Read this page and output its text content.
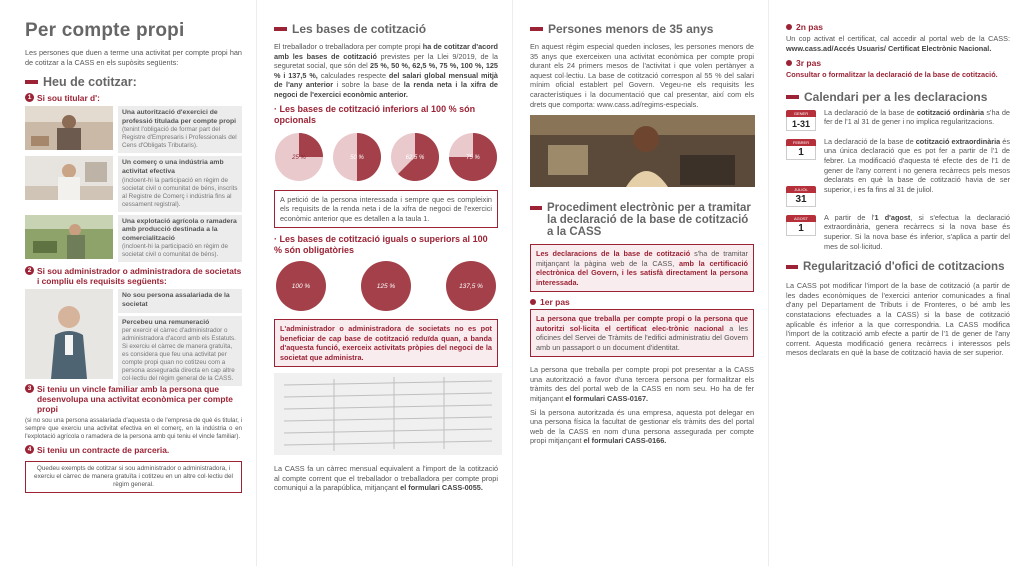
Per compte propi
Les persones que duen a terme una activitat per compte propi han de cotitzar a la CASS en els supòsits següents:
Heu de cotitzar:
1 Si sou titular d':
Una autorització d'exercici de professió titulada per compte propi
(tenint l'obligació de formar part del Registre d'Empresaris i Professionals del Cens d'Obligats Tributaris).
Un comerç o una indústria amb activitat efectiva
(incloent-hi la participació en règim de societat civil o comunitat de béns, inscrits al Registre de Comerç i indústria fins al cessament registral).
Una explotació agrícola o ramadera amb producció destinada a la comercialització
(incloent-hi la participació en règim de societat civil o comunitat de béns).
2 Si sou administrador o administradora de societats i compliu els requisits següents:
No sou persona assalariada de la societat
Percebeu una remuneració
per exercir el càrrec d'administrador o administradora d'acord amb els Estatuts. Si exerciu el càrrec de manera gratuïta, es considera que feu una activitat per compte propi quan no cotitzeu com a persona assegurada directa en cap altre col·lectiu del règim general de la CASS.
3 Si teniu un vincle familiar amb la persona que desenvolupa una activitat econòmica per compte propi
(si no sou una persona assalariada d'aquesta o de l'empresa de què és titular, i sempre que exerciu una activitat efectiva en el comerç, en la indústria o en l'explotació agrícola o ramadera de la persona amb qui teniu el vincle familiar).
4 Si teniu un contracte de parceria.
Quedeu exempts de cotitzar si sou administrador o administradora, i exerciu el càrrec de manera gratuïta i cotitzeu en un altre col·lectiu del règim general.
Les bases de cotització
El treballador o treballadora per compte propi ha de cotitzar d'acord amb les bases de cotització previstes per la Llei 9/2019, de la seguretat social, que són del 25 %, 50 %, 62,5 %, 75 %, 100 %, 125 % i 137,5 %, calculades respecte del salari global mensual mitjà de l'any anterior i sobre la base de la renda neta i la xifra de negoci de l'exercici econòmic anterior.
· Les bases de cotització inferiors al 100 % són opcionals
25 %	50 %	62,5 %	75 %
A petició de la persona interessada i sempre que es compleixin els requisits de la renda neta i de la xifra de negoci de l'exercici econòmic anterior que es detallen a la taula 1.
· Les bases de cotització iguals o superiors al 100 % són obligatòries
100 %	125 %	137,5 %
L'administrador o administradora de societats no es pot beneficiar de cap base de cotització reduïda quan, a banda d'aquesta funció, exerceix activitats pròpies del negoci de la societat que administra.
La CASS fa un càrrec mensual equivalent a l'import de la cotització al compte corrent que el treballador o treballadora per compte propi comuniqui a la parapública, mitjançant el formulari CASS-0055.
Persones menors de 35 anys
En aquest règim especial queden incloses, les persones menors de 35 anys que exerceixen una activitat econòmica per compte propi durant els 24 primers mesos de l'activitat i que volen pertànyer a aquest col·lectiu. La base de cotització correspon al 55 % del salari mínim oficial establert pel Govern. Vegeu-ne els requisits les característiques i la documentació que cal presentar, així com els drets que comporta: www.cass.ad/regims-especials.
Procediment electrònic per a tramitar la declaració de la base de cotització a la CASS
Les declaracions de la base de cotització s'ha de tramitar mitjançant la pàgina web de la CASS, amb la certificació electrònica del Govern, i les satisfà directament la persona interessada.
1er pas
La persona que treballa per compte propi o la persona que autoritzi sol·licita el certificat elec-trònic nacional a les oficines del Servei de Tràmits de l'edifici administratiu del Govern amb un passaport o un document d'identitat.
La persona que treballa per compte propi pot presentar a la CASS una autorització a favor d'una tercera persona per formalitzar els tràmits des del portal web de la CASS en nom seu. Ho ha de fer mitjançant el formulari CASS-0167.
Si la persona autoritzada és una empresa, aquesta pot delegar en una persona física la facultat de gestionar els tràmits des del portal web de la CASS en nom d'una persona assegurada per compte propi mitjançant el formulari CASS-0166.
2n pas
Un cop activat el certificat, cal accedir al portal web de la CASS: www.cass.ad/Accés Usuaris/ Certificat Electrònic Nacional.
3r pas
Consultar o formalitzar la declaració de la base de cotització.
Calendari per a les declaracions
GENER
1-31
La declaració de la base de cotització ordinària s'ha de fer de l'1 al 31 de gener i no implica regularitzacions.
FEBRER
1
JULIOL
31
La declaració de la base de cotització extraordinària és una única declaració que es pot fer a partir de l'1 de febrer. La modificació d'aquesta té efecte des de l'1 de gener de l'any corrent i no genera recàrrecs pels mesos declarats en què la base de cotització havia de ser superior, i es fa fins al 31 de juliol.
AGOST
1
A partir de l'1 d'agost, si s'efectua la declaració extraordinària, genera recàrrecs si la nova base és superior. Si la nova base és inferior, s'aplica a partir del mes de sol·licitud.
Regularització d'ofici de cotitzacions
La CASS pot modificar l'import de la base de cotització (a partir de les dades econòmiques de l'exercici anterior comunicades a final d'any pel Departament de Tributs i de Fronteres, o bé amb les constatacions efectuades a la CASS) si la base de cotització aplicable és inferior a la que correspondria. La CASS modifica l'import de la cotització amb efecte a partir de l'1 de gener de l'any corrent. Aquesta modificació genera recàrrecs i interessos pels mesos declarats en què la base de cotització havia de ser superior.
